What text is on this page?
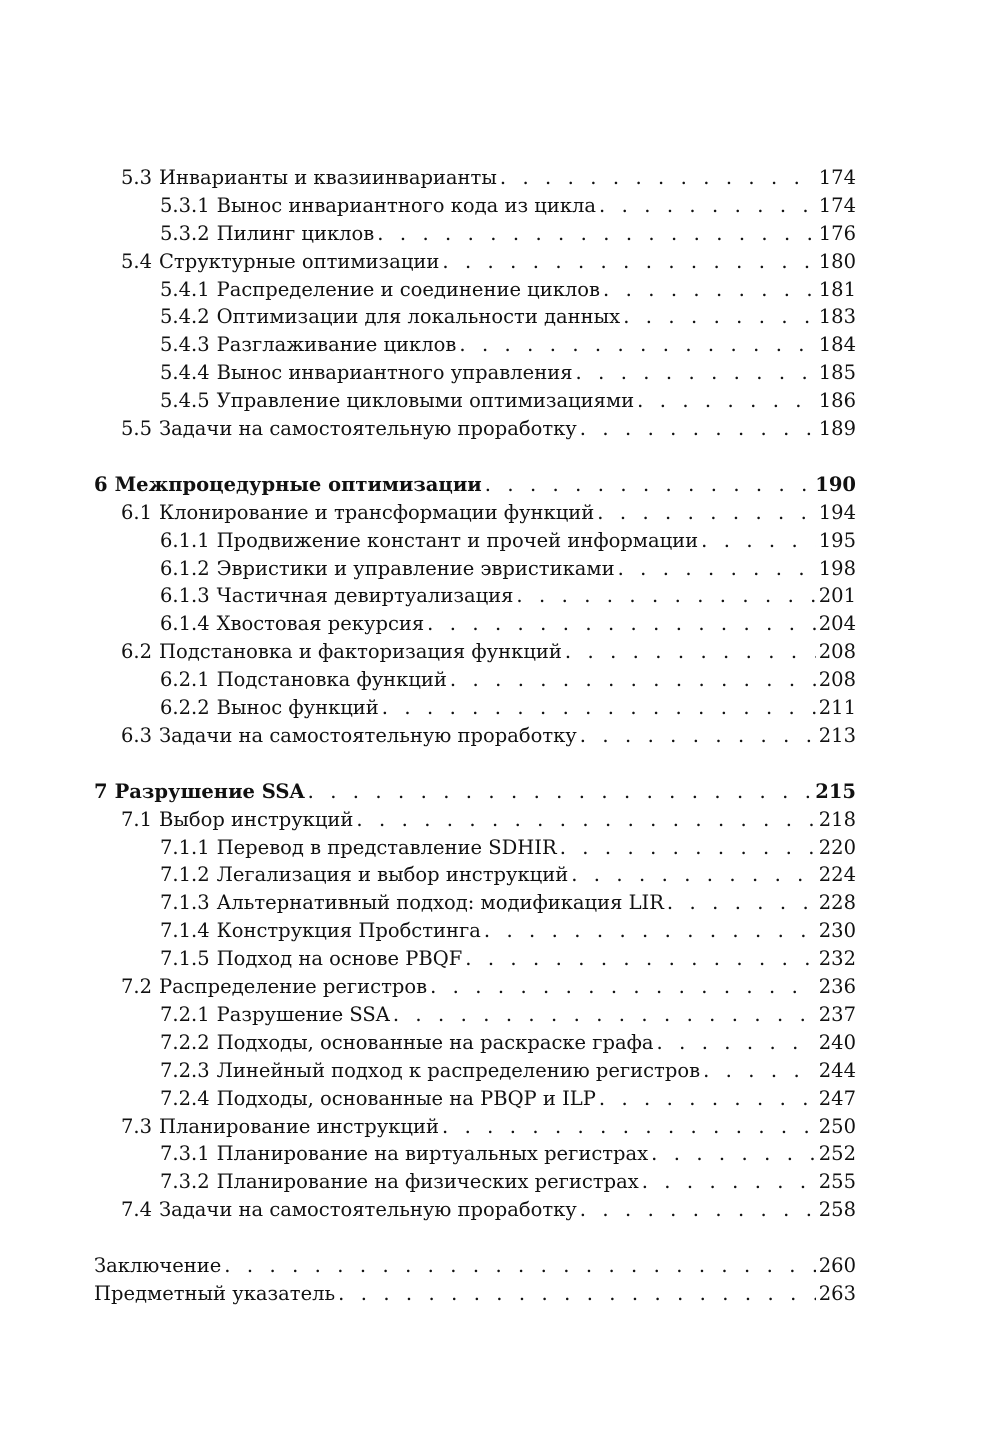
5.3 Инварианты и квазиинварианты . . .	174
5.3.1 Вынос инвариантного кода из цикла . . .	174
5.3.2 Пилинг циклов . . .	176
5.4 Структурные оптимизации . . .	180
5.4.1 Распределение и соединение циклов . . .	181
5.4.2 Оптимизации для локальности данных . . .	183
5.4.3 Разглаживание циклов . . .	184
5.4.4 Вынос инвариантного управления . . .	185
5.4.5 Управление цикловыми оптимизациями . . .	186
5.5 Задачи на самостоятельную проработку . . .	189
6 Межпроцедурные оптимизации . . .	190
6.1 Клонирование и трансформации функций . . .	194
6.1.1 Продвижение констант и прочей информации . . .	195
6.1.2 Эвристики и управление эвристиками . . .	198
6.1.3 Частичная девиртуализация . . .	201
6.1.4 Хвостовая рекурсия . . .	204
6.2 Подстановка и факторизация функций . . .	208
6.2.1 Подстановка функций . . .	208
6.2.2 Вынос функций . . .	211
6.3 Задачи на самостоятельную проработку . . .	213
7 Разрушение SSA . . .	215
7.1 Выбор инструкций . . .	218
7.1.1 Перевод в представление SDHIR . . .	220
7.1.2 Легализация и выбор инструкций . . .	224
7.1.3 Альтернативный подход: модификация LIR . . .	228
7.1.4 Конструкция Пробстинга . . .	230
7.1.5 Подход на основе PBQF . . .	232
7.2 Распределение регистров . . .	236
7.2.1 Разрушение SSA . . .	237
7.2.2 Подходы, основанные на раскраске графа . . .	240
7.2.3 Линейный подход к распределению регистров . . .	244
7.2.4 Подходы, основанные на PBQP и ILP . . .	247
7.3 Планирование инструкций . . .	250
7.3.1 Планирование на виртуальных регистрах . . .	252
7.3.2 Планирование на физических регистрах . . .	255
7.4 Задачи на самостоятельную проработку . . .	258
Заключение . . .	260
Предметный указатель . . .	263
